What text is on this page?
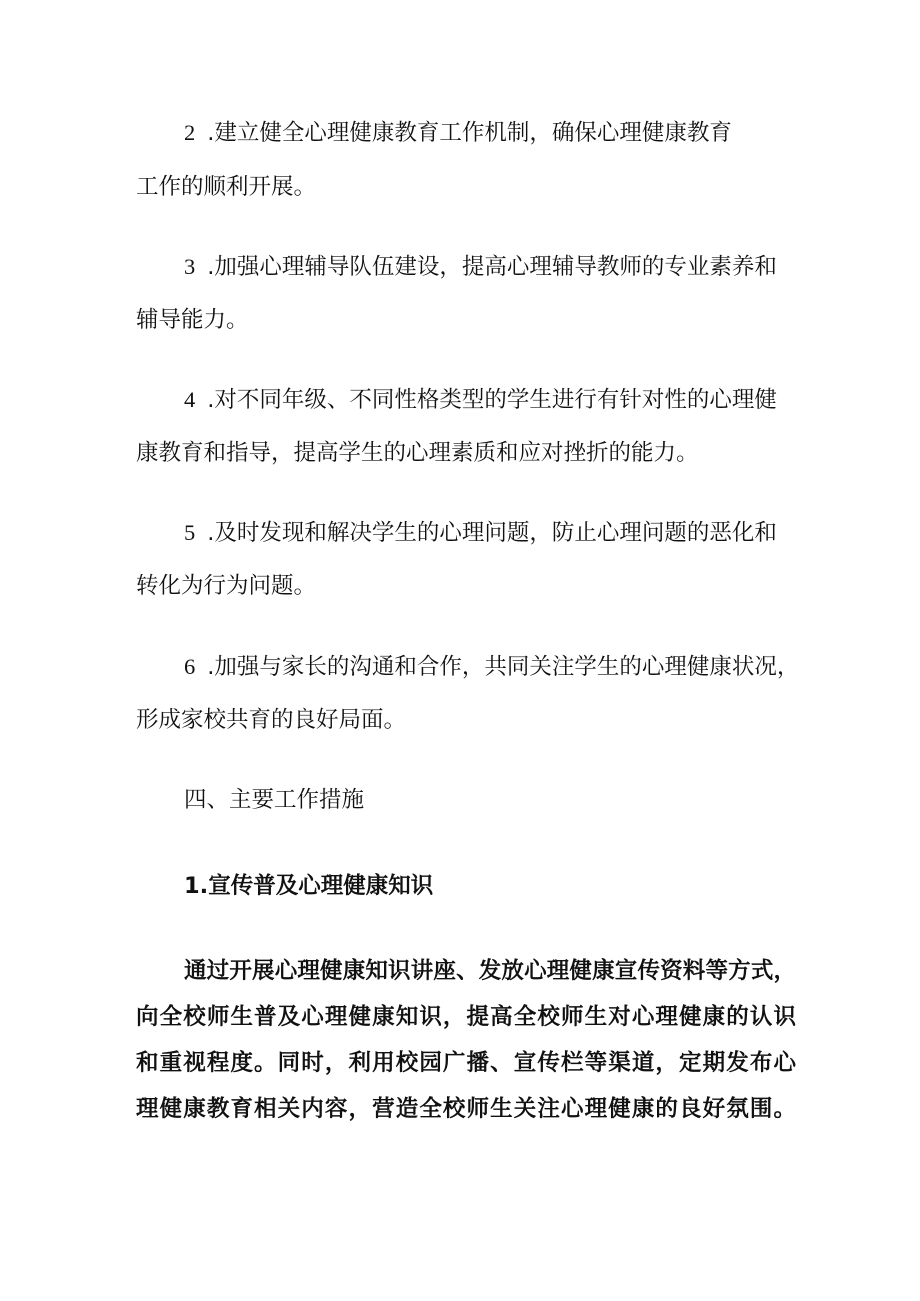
2 .建立健全心理健康教育工作机制，确保心理健康教育
工作的顺利开展。
3 .加强心理辅导队伍建设，提高心理辅导教师的专业素养和
辅导能力。
4 .对不同年级、不同性格类型的学生进行有针对性的心理健
康教育和指导，提高学生的心理素质和应对挫折的能力。
5 .及时发现和解决学生的心理问题，防止心理问题的恶化和
转化为行为问题。
6 .加强与家长的沟通和合作，共同关注学生的心理健康状况，
形成家校共育的良好局面。
四、主要工作措施
1.宣传普及心理健康知识
通过开展心理健康知识讲座、发放心理健康宣传资料等方式，
向全校师生普及心理健康知识，提高全校师生对心理健康的认识
和重视程度。同时，利用校园广播、宣传栏等渠道，定期发布心
理健康教育相关内容，营造全校师生关注心理健康的良好氛围。
